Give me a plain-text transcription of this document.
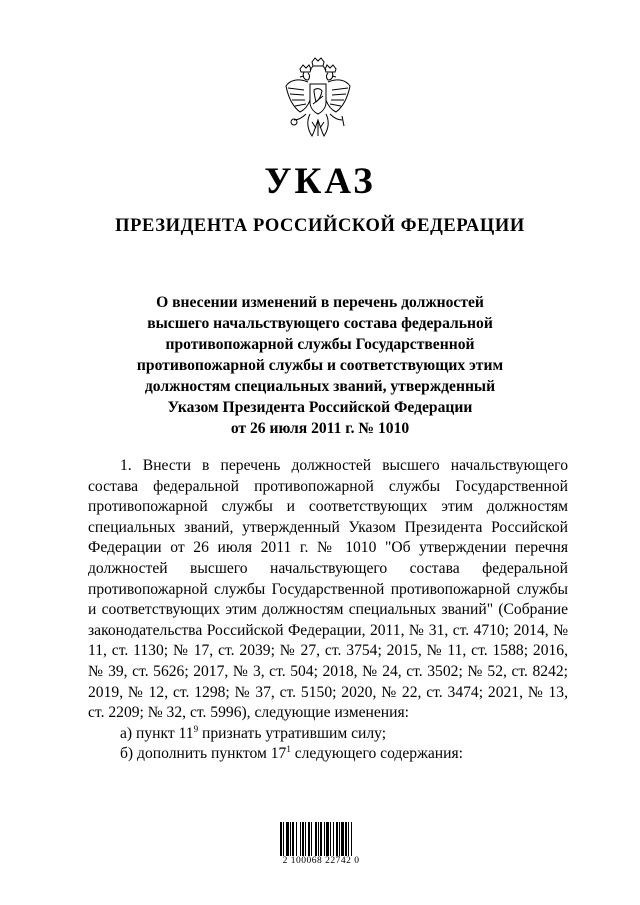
УКАЗ
ПРЕЗИДЕНТА РОССИЙСКОЙ ФЕДЕРАЦИИ
О внесении изменений в перечень должностей
высшего начальствующего состава федеральной
противопожарной службы Государственной
противопожарной службы и соответствующих этим
должностям специальных званий, утвержденный
Указом Президента Российской Федерации
от 26 июля 2011 г. № 1010

1. Внести в перечень должностей высшего начальствующего состава федеральной противопожарной службы Государственной противопожарной службы и соответствующих этим должностям специальных званий, утвержденный Указом Президента Российской Федерации от 26 июля 2011 г. № 1010 "Об утверждении перечня должностей высшего начальствующего состава федеральной противопожарной службы Государственной противопожарной службы и соответствующих этим должностям специальных званий" (Собрание законодательства Российской Федерации, 2011, № 31, ст. 4710; 2014, № 11, ст. 1130; № 17, ст. 2039; № 27, ст. 3754; 2015, № 11, ст. 1588; 2016, № 39, ст. 5626; 2017, № 3, ст. 504; 2018, № 24, ст. 3502; № 52, ст. 8242; 2019, № 12, ст. 1298; № 37, ст. 5150; 2020, № 22, ст. 3474; 2021, № 13, ст. 2209; № 32, ст. 5996), следующие изменения:

а) пункт $11^9$ признать утратившим силу;

б) дополнить пунктом $17^1$ следующего содержания:

2 100068 22742 0
